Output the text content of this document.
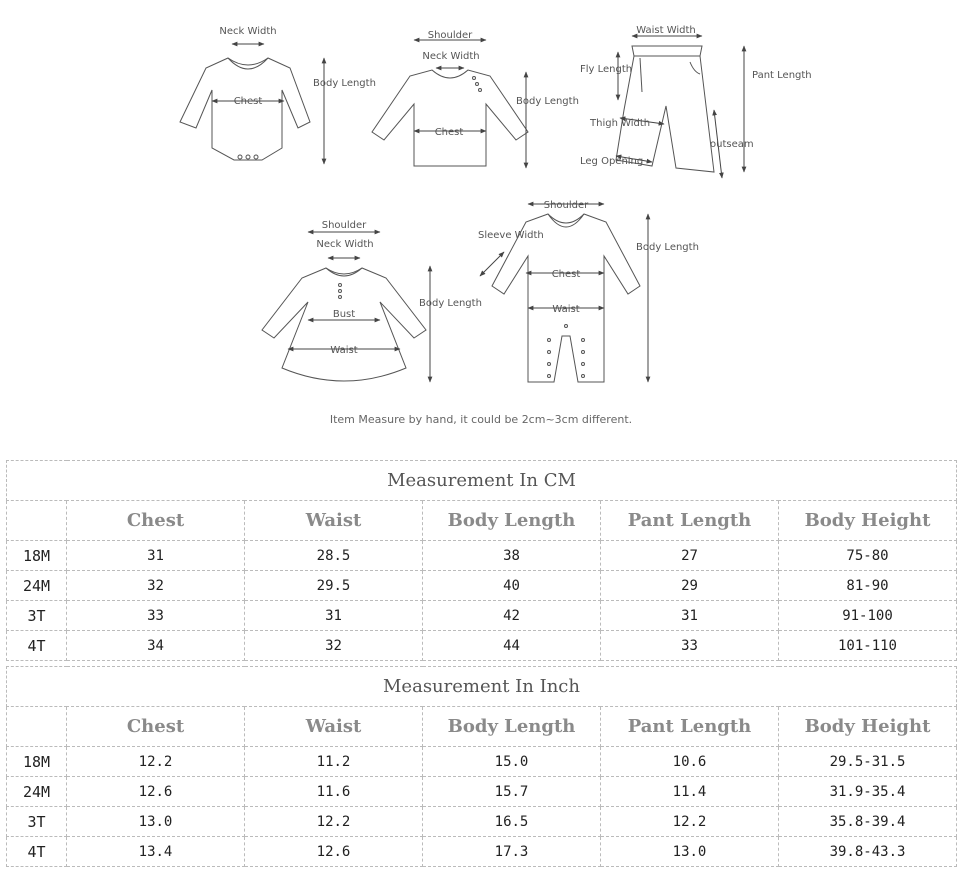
Neck Width
Chest
Body Length
Shoulder
Neck Width
Chest
Body Length
Waist Width
Fly Length
Pant Length
Thigh Width
outseam
Leg Opening
Shoulder
Neck Width
Bust
Waist
Body Length
Shoulder
Sleeve Width
Chest
Waist
Body Length
Item Measure by hand, it could be 2cm~3cm different.
Measurement In CM					
	Chest	Waist	Body Length	Pant Length	Body Height
18M	31	28.5	38	27	75-80
24M	32	29.5	40	29	81-90
3T	33	31	42	31	91-100
4T	34	32	44	33	101-110
Measurement In Inch					
	Chest	Waist	Body Length	Pant Length	Body Height
18M	12.2	11.2	15.0	10.6	29.5-31.5
24M	12.6	11.6	15.7	11.4	31.9-35.4
3T	13.0	12.2	16.5	12.2	35.8-39.4
4T	13.4	12.6	17.3	13.0	39.8-43.3
